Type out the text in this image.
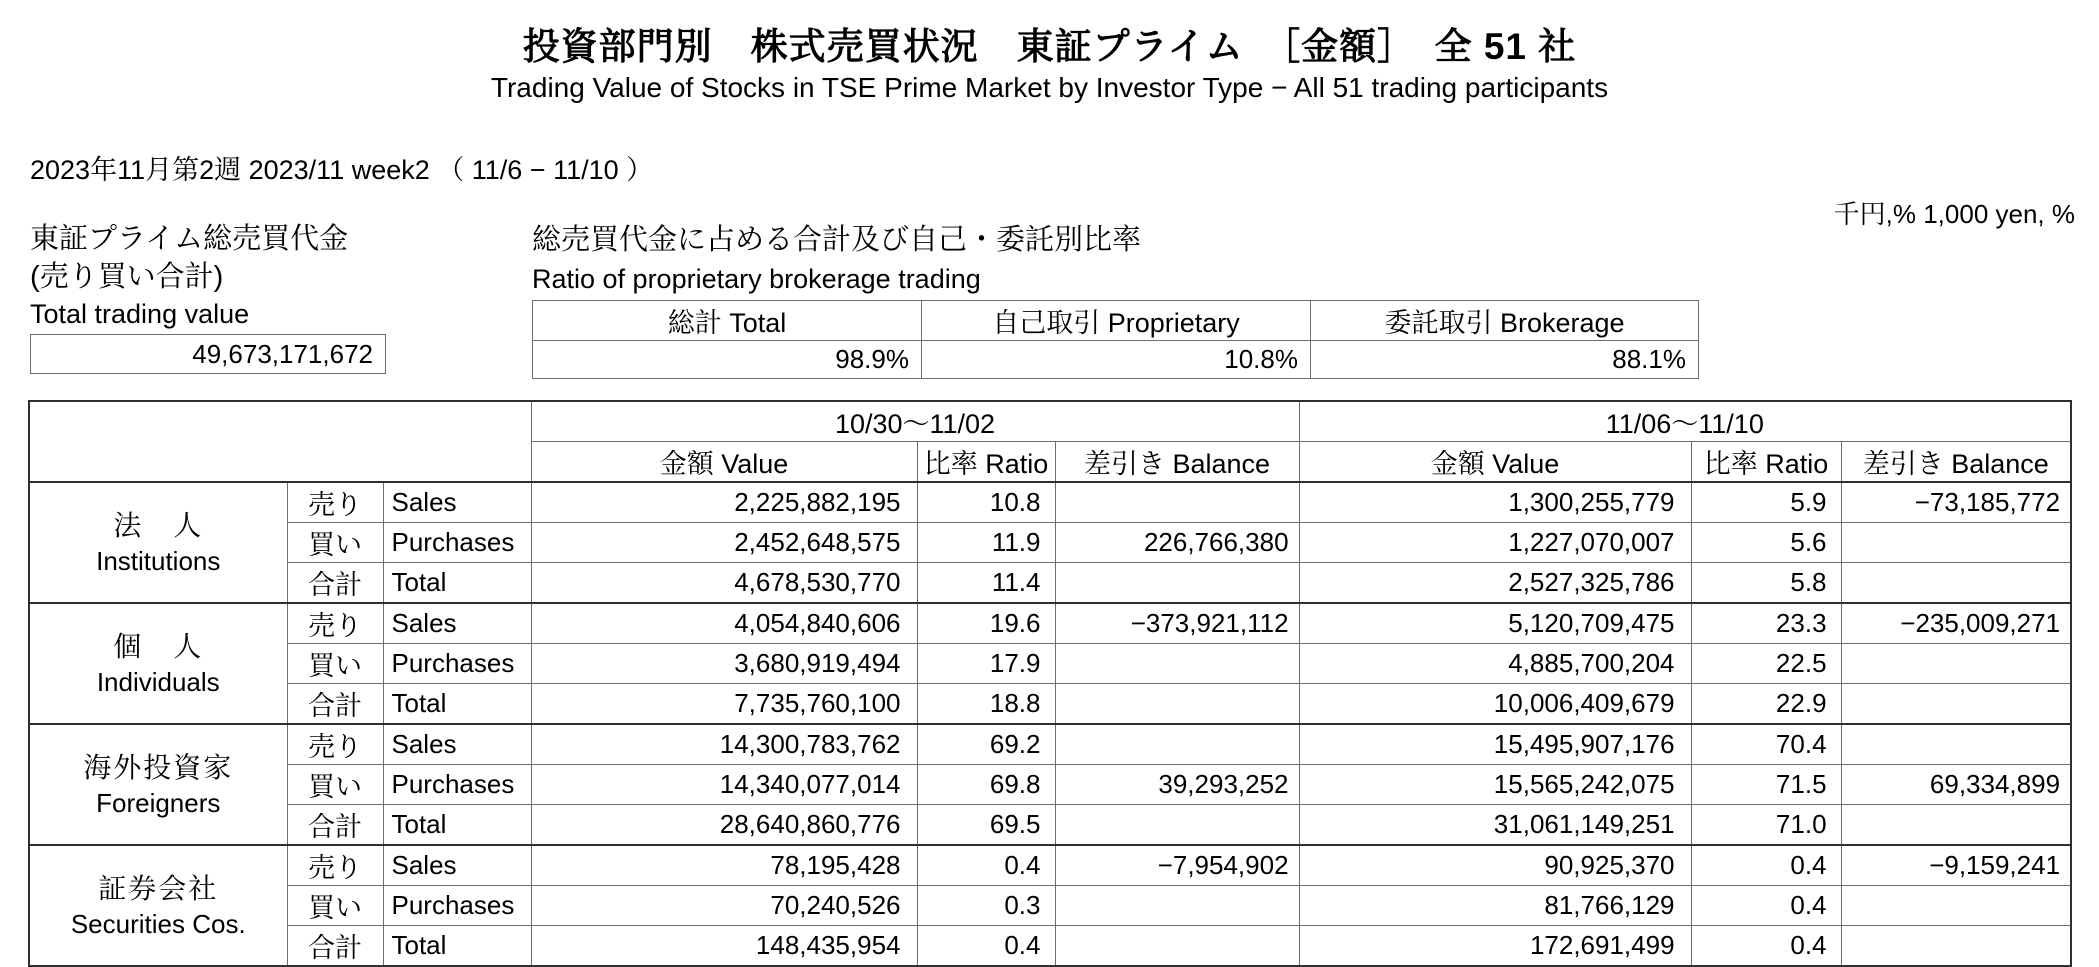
投資部門別　株式売買状況　東証プライム　［金額］　全 51 社
Trading Value of Stocks in TSE Prime Market by Investor Type − All 51 trading participants
2023年11月第2週 2023/11 week2 （ 11/6 − 11/10 ）
千円,% 1,000 yen, %
東証プライム総売買代金
(売り買い合計)
Total trading value
49,673,171,672
総売買代金に占める合計及び自己・委託別比率
Ratio of proprietary brokerage trading
総計 Total	自己取引 Proprietary	委託取引 Brokerage
98.9%	10.8%	88.1%
			10/30～11/02			11/06～11/10		
			金額 Value	比率 Ratio	差引き Balance	金額 Value	比率 Ratio	差引き Balance

法　人
Institutions	売り	Sales	2,225,882,195	10.8		1,300,255,779	5.9	−73,185,772
	買い	Purchases	2,452,648,575	11.9	226,766,380	1,227,070,007	5.6	
	合計	Total	4,678,530,770	11.4		2,527,325,786	5.8	

個　人
Individuals	売り	Sales	4,054,840,606	19.6	−373,921,112	5,120,709,475	23.3	−235,009,271
	買い	Purchases	3,680,919,494	17.9		4,885,700,204	22.5	
	合計	Total	7,735,760,100	18.8		10,006,409,679	22.9	

海外投資家
Foreigners	売り	Sales	14,300,783,762	69.2		15,495,907,176	70.4	
	買い	Purchases	14,340,077,014	69.8	39,293,252	15,565,242,075	71.5	69,334,899
	合計	Total	28,640,860,776	69.5		31,061,149,251	71.0	

証券会社
Securities Cos.	売り	Sales	78,195,428	0.4	−7,954,902	90,925,370	0.4	−9,159,241
	買い	Purchases	70,240,526	0.3		81,766,129	0.4	
	合計	Total	148,435,954	0.4		172,691,499	0.4	
